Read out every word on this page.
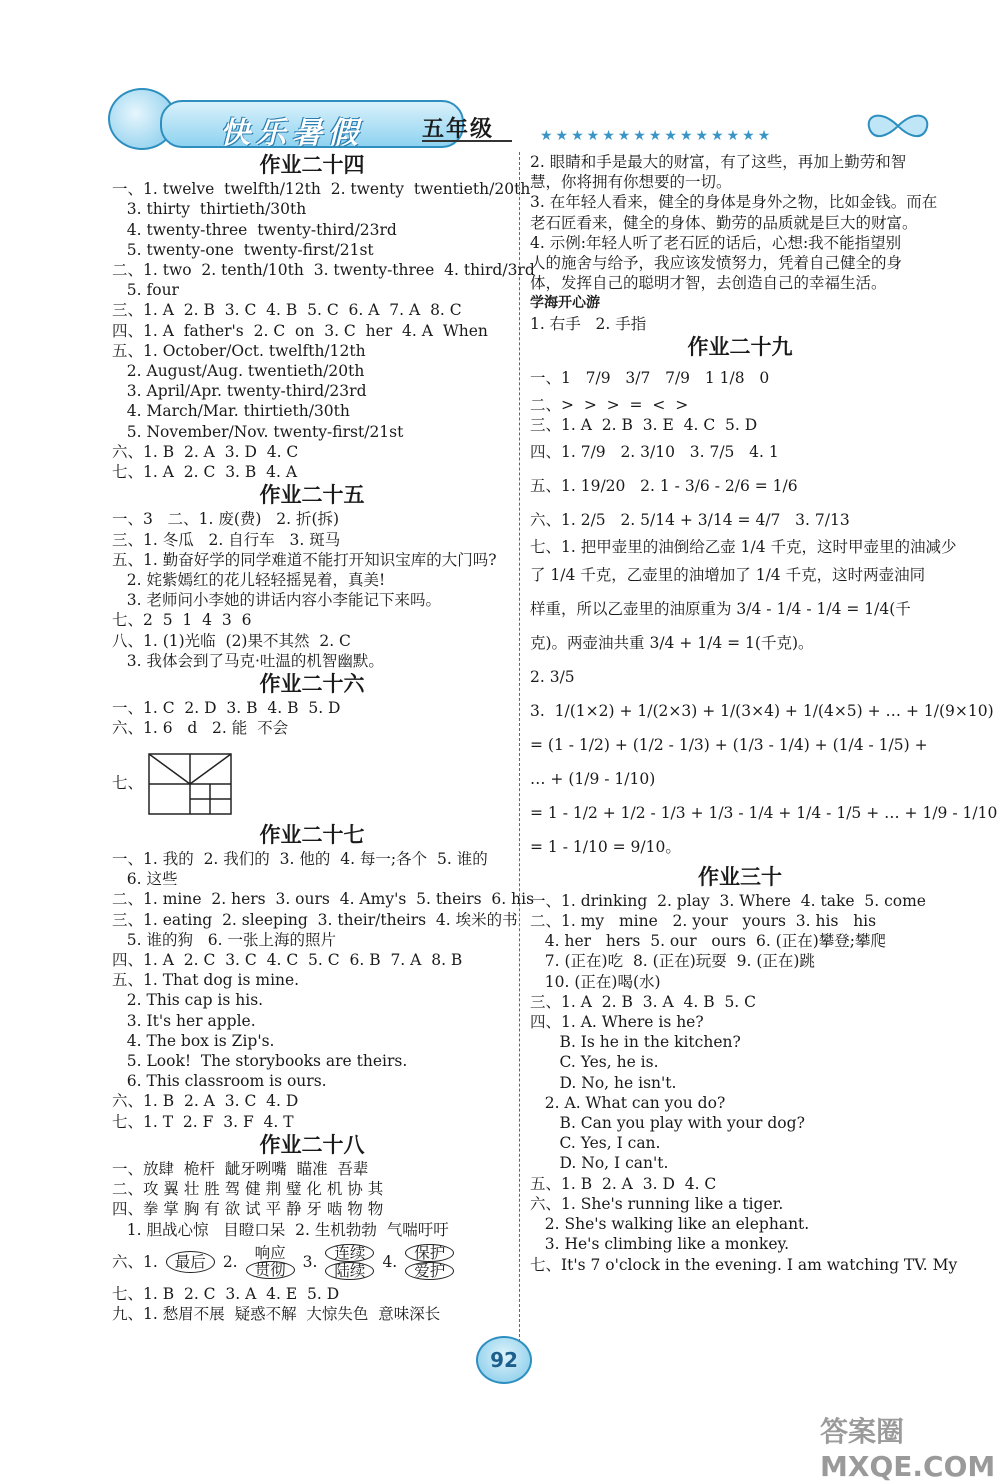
快乐暑假	五年级	★★★★★★★★★★★★★★★
作业二十四
一、1. twelve  twelfth/12th  2. twenty  twentieth/20th
3. thirty  thirtieth/30th
4. twenty-three  twenty-third/23rd
5. twenty-one  twenty-first/21st
二、1. two  2. tenth/10th  3. twenty-three  4. third/3rd
5. four
三、1. A  2. B  3. C  4. B  5. C  6. A  7. A  8. C
四、1. A  father's  2. C  on  3. C  her  4. A  When
五、1. October/Oct. twelfth/12th
2. August/Aug. twentieth/20th
3. April/Apr. twenty-third/23rd
4. March/Mar. thirtieth/30th
5. November/Nov. twenty-first/21st
六、1. B  2. A  3. D  4. C
七、1. A  2. C  3. B  4. A
作业二十五
一、3   二、1. 废(费)   2. 折(拆)
三、1. 冬瓜   2. 自行车   3. 斑马
五、1. 勤奋好学的同学难道不能打开知识宝库的大门吗?
2. 姹紫嫣红的花儿轻轻摇晃着，真美!
3. 老师问小李她的讲话内容小李能记下来吗。
七、2  5  1  4  3  6
八、1. (1)光临  (2)果不其然  2. C
3. 我体会到了马克·吐温的机智幽默。
作业二十六
一、1. C  2. D  3. B  4. B  5. D
六、1. 6   d   2. 能  不会
七、
作业二十七
一、1. 我的  2. 我们的  3. 他的  4. 每一;各个  5. 谁的
6. 这些
二、1. mine  2. hers  3. ours  4. Amy's  5. theirs  6. his
三、1. eating  2. sleeping  3. their/theirs  4. 埃米的书
5. 谁的狗   6. 一张上海的照片
四、1. A  2. C  3. C  4. C  5. C  6. B  7. A  8. B
五、1. That dog is mine.
2. This cap is his.
3. It's her apple.
4. The box is Zip's.
5. Look!  The storybooks are theirs.
6. This classroom is ours.
六、1. B  2. A  3. C  4. D
七、1. T  2. F  3. F  4. T
作业二十八
一、放肆  桅杆  龇牙咧嘴  瞄准  吾辈
二、攻 翼 壮 胜 驾 健 荆 璧 化 机 协 其
四、拳 掌 胸 有 欲 试 平 静 牙 啮 物 物
1. 胆战心惊   目瞪口呆  2. 生机勃勃  气喘吁吁
六、1.	最后	2. 响应
贯彻	3.	连续
陆续
4.	保护
爱护
七、1. B  2. C  3. A  4. E  5. D
九、1. 愁眉不展  疑惑不解  大惊失色  意味深长
2. 眼睛和手是最大的财富，有了这些，再加上勤劳和智
慧，你将拥有你想要的一切。
3. 在年轻人看来，健全的身体是身外之物，比如金钱。而在
老石匠看来，健全的身体、勤劳的品质就是巨大的财富。
4. 示例:年轻人听了老石匠的话后，心想:我不能指望别
人的施舍与给予，我应该发愤努力，凭着自己健全的身
体，发挥自己的聪明才智，去创造自己的幸福生活。
学海开心游
1. 右手   2. 手指
作业二十九
一、1   7/9   3/7   7/9   1 1/8   0
二、>  >  >  =  <  >
三、1. A  2. B  3. E  4. C  5. D
四、1. 7/9   2. 3/10   3. 7/5   4. 1
五、1. 19/20   2. 1 - 3/6 - 2/6 = 1/6
六、1. 2/5   2. 5/14 + 3/14 = 4/7   3. 7/13
七、1. 把甲壶里的油倒给乙壶 1/4 千克，这时甲壶里的油减少
了 1/4 千克，乙壶里的油增加了 1/4 千克，这时两壶油同
样重，所以乙壶里的油原重为 3/4 - 1/4 - 1/4 = 1/4(千
克)。两壶油共重 3/4 + 1/4 = 1(千克)。
2. 3/5
3.  1/(1×2) + 1/(2×3) + 1/(3×4) + 1/(4×5) + … + 1/(9×10)
= (1 - 1/2) + (1/2 - 1/3) + (1/3 - 1/4) + (1/4 - 1/5) +
… + (1/9 - 1/10)
= 1 - 1/2 + 1/2 - 1/3 + 1/3 - 1/4 + 1/4 - 1/5 + … + 1/9 - 1/10
= 1 - 1/10 = 9/10。
作业三十
一、1. drinking  2. play  3. Where  4. take  5. come
二、1. my   mine   2. your   yours  3. his   his
4. her   hers  5. our   ours  6. (正在)攀登;攀爬
7. (正在)吃  8. (正在)玩耍  9. (正在)跳
10. (正在)喝(水)
三、1. A  2. B  3. A  4. B  5. C
四、1. A. Where is he?
B. Is he in the kitchen?
C. Yes, he is.
D. No, he isn't.
2. A. What can you do?
B. Can you play with your dog?
C. Yes, I can.
D. No, I can't.
五、1. B  2. A  3. D  4. C
六、1. She's running like a tiger.
2. She's walking like an elephant.
3. He's climbing like a monkey.
七、It's 7 o'clock in the evening. I am watching TV. My
92
答案圈 MXQE.COM
